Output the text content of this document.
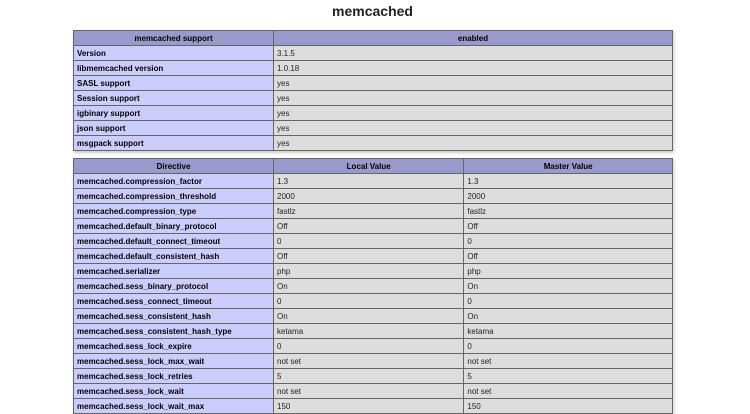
memcached
memcached support	enabled
Version	3.1.5
libmemcached version	1.0.18
SASL support	yes
Session support	yes
igbinary support	yes
json support	yes
msgpack support	yes
Directive	Local Value	Master Value
memcached.compression_factor	1.3	1.3
memcached.compression_threshold	2000	2000
memcached.compression_type	fastlz	fastlz
memcached.default_binary_protocol	Off	Off
memcached.default_connect_timeout	0	0
memcached.default_consistent_hash	Off	Off
memcached.serializer	php	php
memcached.sess_binary_protocol	On	On
memcached.sess_connect_timeout	0	0
memcached.sess_consistent_hash	On	On
memcached.sess_consistent_hash_type	ketama	ketama
memcached.sess_lock_expire	0	0
memcached.sess_lock_max_wait	not set	not set
memcached.sess_lock_retries	5	5
memcached.sess_lock_wait	not set	not set
memcached.sess_lock_wait_max	150	150
